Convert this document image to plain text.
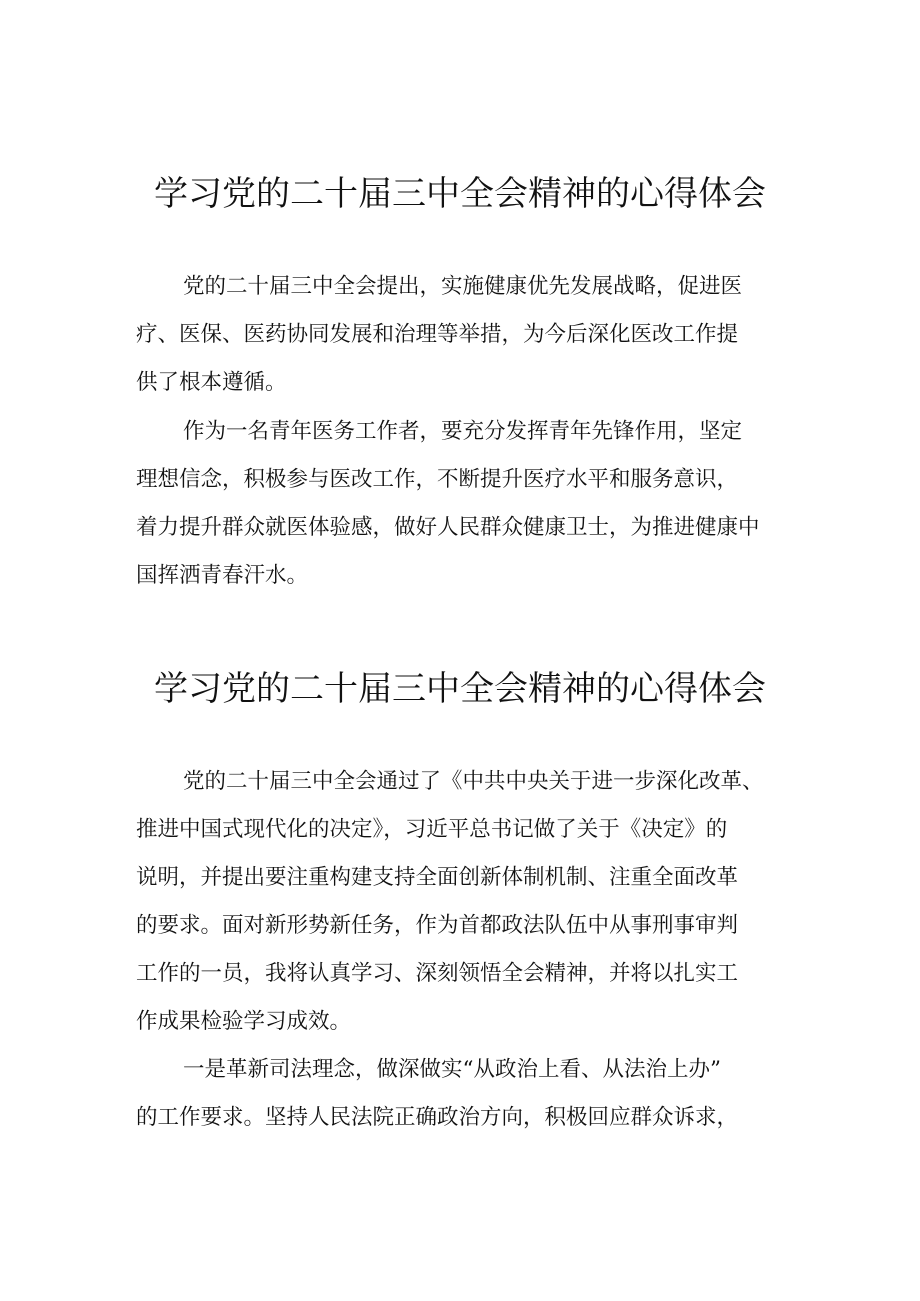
学习党的二十届三中全会精神的心得体会

党的二十届三中全会提出，实施健康优先发展战略，促进医
疗、医保、医药协同发展和治理等举措，为今后深化医改工作提
供了根本遵循。

作为一名青年医务工作者，要充分发挥青年先锋作用，坚定
理想信念，积极参与医改工作，不断提升医疗水平和服务意识，
着力提升群众就医体验感，做好人民群众健康卫士，为推进健康中
国挥洒青春汗水。

学习党的二十届三中全会精神的心得体会

党的二十届三中全会通过了《中共中央关于进一步深化改革、
推进中国式现代化的决定》，习近平总书记做了关于《决定》的
说明，并提出要注重构建支持全面创新体制机制、注重全面改革
的要求。面对新形势新任务，作为首都政法队伍中从事刑事审判
工作的一员，我将认真学习、深刻领悟全会精神，并将以扎实工
作成果检验学习成效。

一是革新司法理念，做深做实“从政治上看、从法治上办”
的工作要求。坚持人民法院正确政治方向，积极回应群众诉求，
